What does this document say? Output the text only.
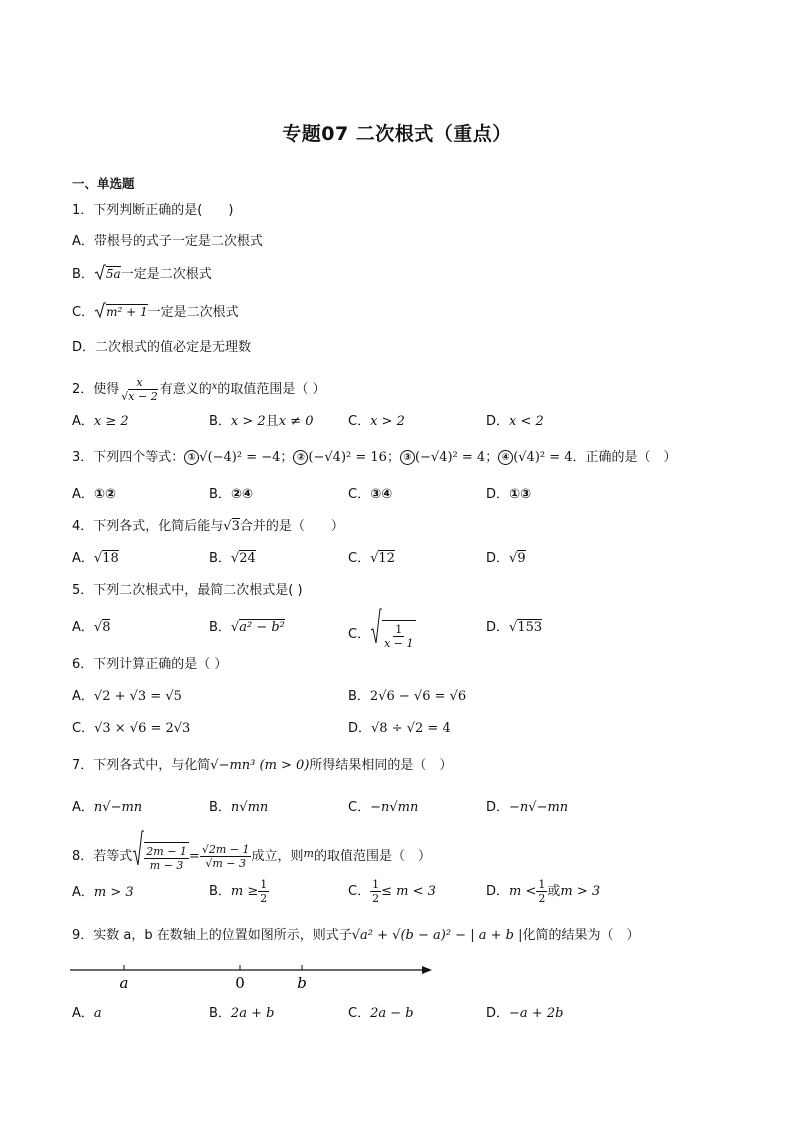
专题07 二次根式（重点）
一、单选题
1．下列判断正确的是(　　)
A．带根号的式子一定是二次根式
B． 5a一定是二次根式
C． m² + 1一定是二次根式
D．二次根式的值必定是无理数
2．使得 $\frac{x}{√x - 2}$ 有意义的$^x$的取值范围是（ ）
A．x ≥ 2	B．x > 2且x ≠ 0	C．x > 2	D．x < 2
3．下列四个等式： ① √(−4)² = −4； ② (−√4)² = 16； ③ (−√4)² = 4； ④ (√4)² = 4．正确的是（　）
A．①②	B．②④	C．③④	D．①③
4．下列各式，化简后能与√3合并的是（　　）
A．√18	B．√24	C．√12	D．√9
5．下列二次根式中，最简二次根式是( )
A．√8	B．√a² − b²	C． $\frac{1}{x - 1}$	D．√153
6．下列计算正确的是（ ）
A．√2 + √3 = √5	B．2√6 − √6 = √6
C．√3 × √6 = 2√3	D．√8 ÷ √2 = 4
7．下列各式中，与化简√−mn³ (m > 0)所得结果相同的是（　）
A．n√−mn	B．n√mn	C．−n√mn	D．−n√−mn
8．若等式 $\frac{2m - 1}{m - 3} = \frac{√2m - 1}{√m - 3}$ 成立，则$^m$的取值范围是（　）
A．m > 3	B．$m \ge \frac{1}{2}$	C． $\frac{1}{2} \le m < 3$	D．$m < \frac{1}{2}$ 或m > 3
9．实数 a，b 在数轴上的位置如图所示，则式子√a² + √(b − a)² − | a + b |化简的结果为（　）
a	0	b
A．a	B．2a + b	C．2a − b	D．−a + 2b
